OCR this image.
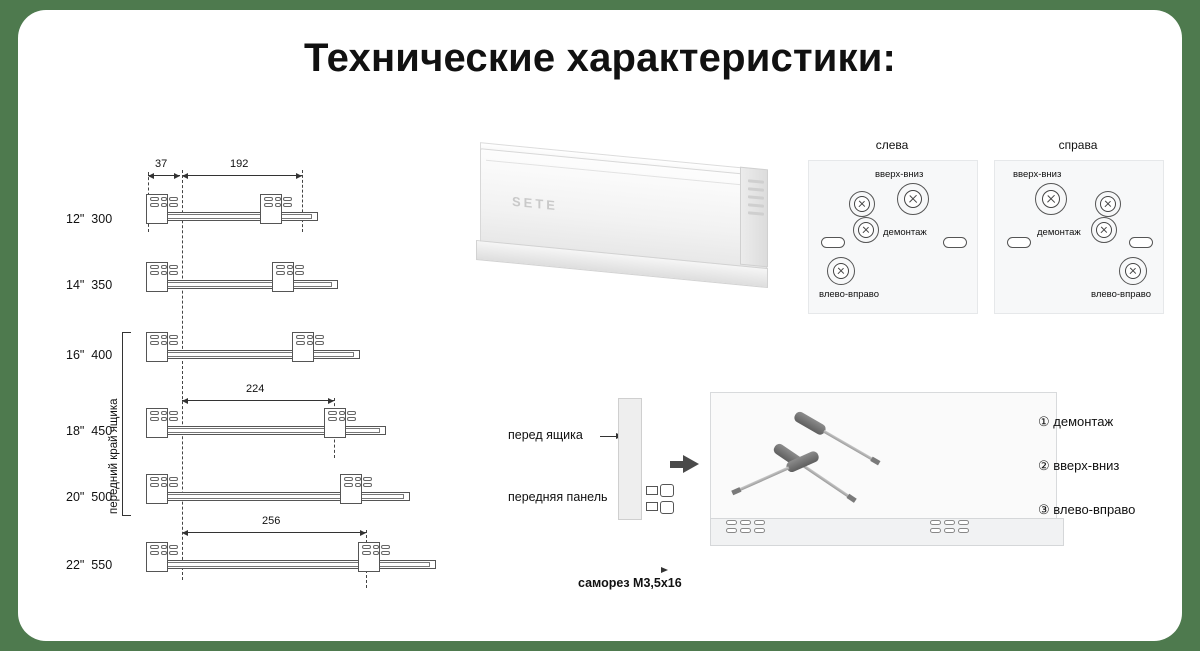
Технические характеристики:
12" 300
14" 350
16" 400
18" 450
20" 500
22" 550
37	192
224
256
передний край ящика
SETE
слева	справа
вверх-вниз
демонтаж
влево-вправо
вверх-вниз
демонтаж
влево-вправо
перед ящика
передняя панель
саморез М3,5х16
① демонтаж
② вверх-вниз
③ влево-вправо
